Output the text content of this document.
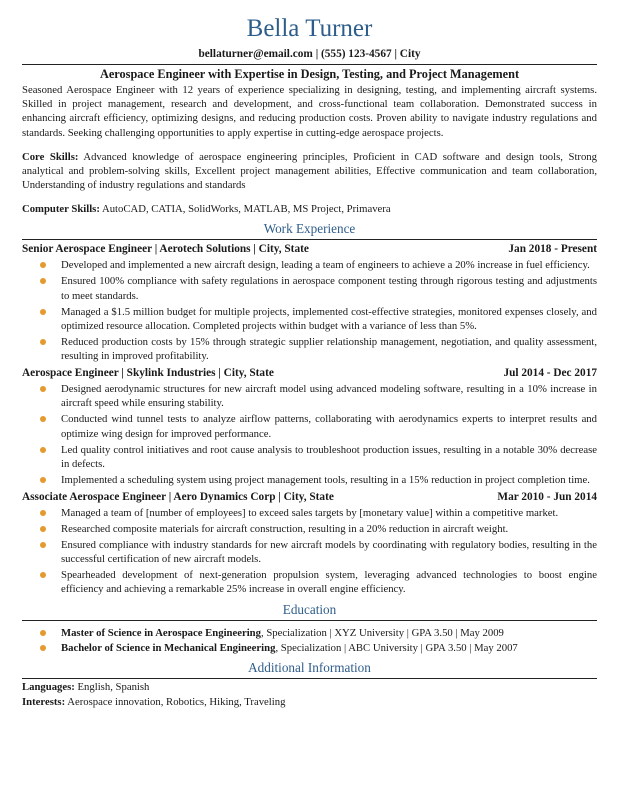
Bella Turner
bellaturner@email.com | (555) 123-4567 | City
Aerospace Engineer with Expertise in Design, Testing, and Project Management

Seasoned Aerospace Engineer with 12 years of experience specializing in designing, testing, and implementing aircraft systems. Skilled in project management, research and development, and cross-functional team collaboration. Demonstrated success in enhancing aircraft efficiency, optimizing designs, and reducing production costs. Proven ability to navigate industry regulations and standards. Seeking challenging opportunities to apply expertise in cutting-edge aerospace projects.

Core Skills: Advanced knowledge of aerospace engineering principles, Proficient in CAD software and design tools, Strong analytical and problem-solving skills, Excellent project management abilities, Effective communication and team collaboration, Understanding of industry regulations and standards

Computer Skills: AutoCAD, CATIA, SolidWorks, MATLAB, MS Project, Primavera

Work Experience
Senior Aerospace Engineer | Aerotech Solutions | City, State	Jan 2018 - Present
Developed and implemented a new aircraft design, leading a team of engineers to achieve a 20% increase in fuel efficiency.
Ensured 100% compliance with safety regulations in aerospace component testing through rigorous testing and adjustments to meet standards.
Managed a $1.5 million budget for multiple projects, implemented cost-effective strategies, monitored expenses closely, and optimized resource allocation. Completed projects within budget with a variance of less than 5%.
Reduced production costs by 15% through strategic supplier relationship management, negotiation, and quality assessment, resulting in improved profitability.
Aerospace Engineer | Skylink Industries | City, State	Jul 2014 - Dec 2017
Designed aerodynamic structures for new aircraft model using advanced modeling software, resulting in a 10% increase in aircraft speed while ensuring stability.
Conducted wind tunnel tests to analyze airflow patterns, collaborating with aerodynamics experts to interpret results and optimize wing design for improved performance.
Led quality control initiatives and root cause analysis to troubleshoot production issues, resulting in a notable 30% decrease in defects.
Implemented a scheduling system using project management tools, resulting in a 15% reduction in project completion time.
Associate Aerospace Engineer | Aero Dynamics Corp | City, State	Mar 2010 - Jun 2014
Managed a team of [number of employees] to exceed sales targets by [monetary value] within a competitive market.
Researched composite materials for aircraft construction, resulting in a 20% reduction in aircraft weight.
Ensured compliance with industry standards for new aircraft models by coordinating with regulatory bodies, resulting in the successful certification of new aircraft models.
Spearheaded development of next-generation propulsion system, leveraging advanced technologies to boost engine efficiency and achieving a remarkable 25% increase in overall engine efficiency.
Education
Master of Science in Aerospace Engineering, Specialization | XYZ University | GPA 3.50 | May 2009
Bachelor of Science in Mechanical Engineering, Specialization | ABC University | GPA 3.50 | May 2007
Additional Information
Languages: English, Spanish
Interests: Aerospace innovation, Robotics, Hiking, Traveling
